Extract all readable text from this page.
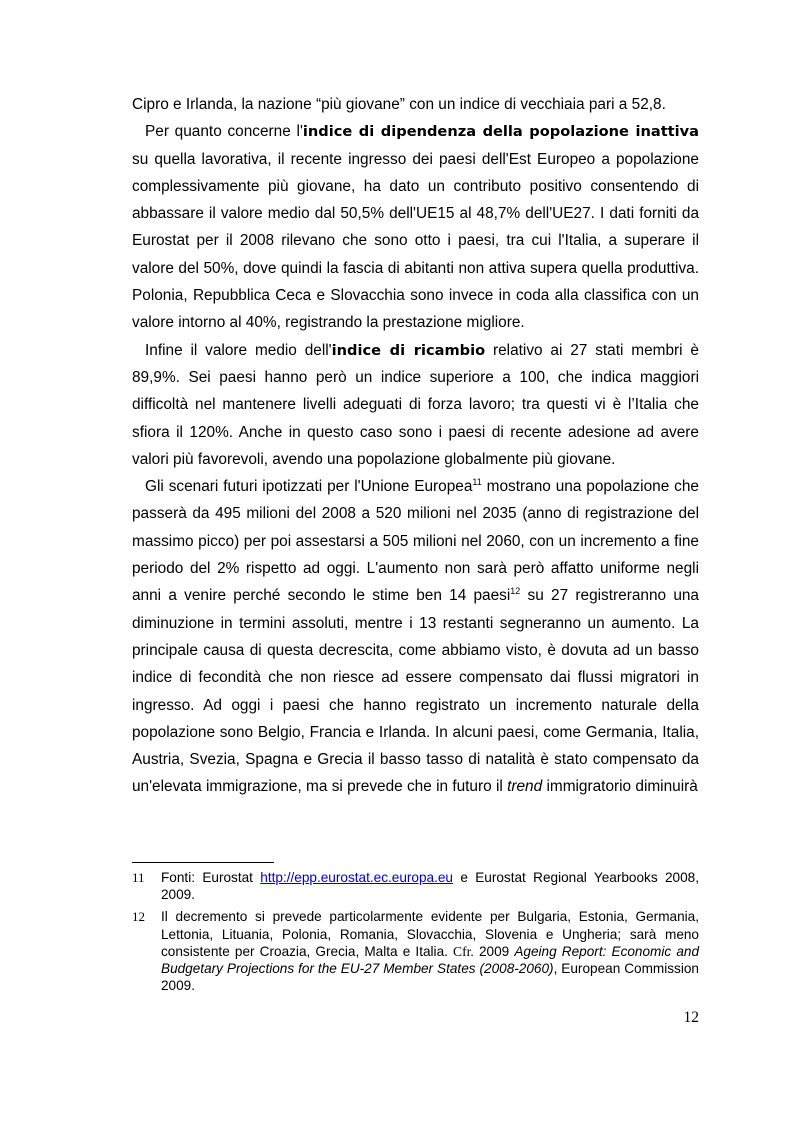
Cipro e Irlanda, la nazione “più giovane” con un indice di vecchiaia pari a 52,8.

Per quanto concerne l'indice di dipendenza della popolazione inattiva su quella lavorativa, il recente ingresso dei paesi dell'Est Europeo a popolazione complessivamente più giovane, ha dato un contributo positivo consentendo di abbassare il valore medio dal 50,5% dell'UE15 al 48,7% dell'UE27. I dati forniti da Eurostat per il 2008 rilevano che sono otto i paesi, tra cui l'Italia, a superare il valore del 50%, dove quindi la fascia di abitanti non attiva supera quella produttiva. Polonia, Repubblica Ceca e Slovacchia sono invece in coda alla classifica con un valore intorno al 40%, registrando la prestazione migliore.

Infine il valore medio dell'indice di ricambio relativo ai 27 stati membri è 89,9%. Sei paesi hanno però un indice superiore a 100, che indica maggiori difficoltà nel mantenere livelli adeguati di forza lavoro; tra questi vi è l’Italia che sfiora il 120%. Anche in questo caso sono i paesi di recente adesione ad avere valori più favorevoli, avendo una popolazione globalmente più giovane.

Gli scenari futuri ipotizzati per l'Unione Europea$^{11}$ mostrano una popolazione che passerà da 495 milioni del 2008 a 520 milioni nel 2035 (anno di registrazione del massimo picco) per poi assestarsi a 505 milioni nel 2060, con un incremento a fine periodo del 2% rispetto ad oggi. L'aumento non sarà però affatto uniforme negli anni a venire perché secondo le stime ben 14 paesi$^{12}$ su 27 registreranno una diminuzione in termini assoluti, mentre i 13 restanti segneranno un aumento. La principale causa di questa decrescita, come abbiamo visto, è dovuta ad un basso indice di fecondità che non riesce ad essere compensato dai flussi migratori in ingresso. Ad oggi i paesi che hanno registrato un incremento naturale della popolazione sono Belgio, Francia e Irlanda. In alcuni paesi, come Germania, Italia, Austria, Svezia, Spagna e Grecia il basso tasso di natalità è stato compensato da un'elevata immigrazione, ma si prevede che in futuro il trend immigratorio diminuirà

11	Fonti: Eurostat http://epp.eurostat.ec.europa.eu e Eurostat Regional Yearbooks 2008, 2009.
12	Il decremento si prevede particolarmente evidente per Bulgaria, Estonia, Germania, Lettonia, Lituania, Polonia, Romania, Slovacchia, Slovenia e Ungheria; sarà meno consistente per Croazia, Grecia, Malta e Italia. Cfr. 2009 Ageing Report: Economic and Budgetary Projections for the EU-27 Member States (2008-2060), European Commission 2009.
12
